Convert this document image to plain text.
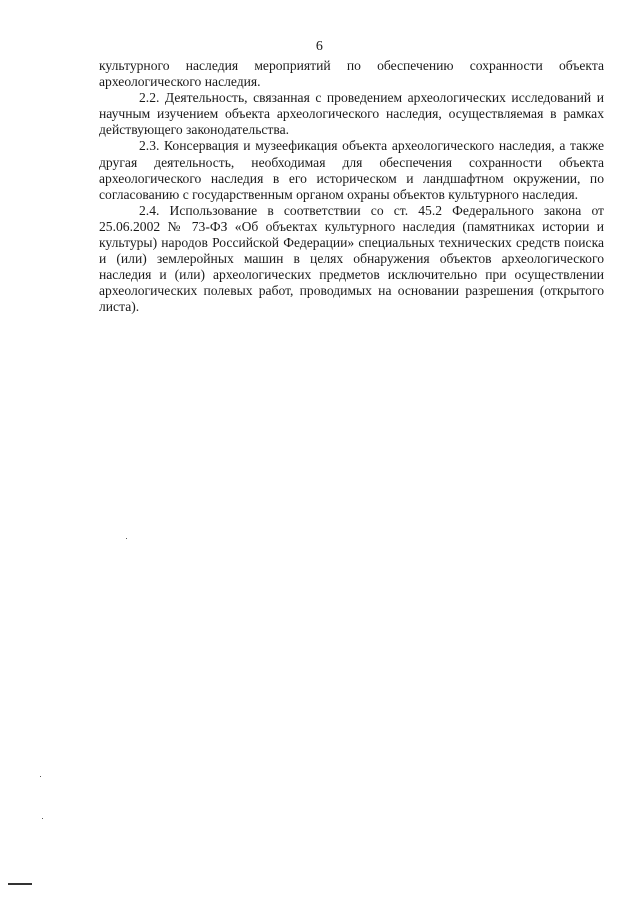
6

культурного наследия мероприятий по обеспечению сохранности объекта археологического наследия.

2.2. Деятельность, связанная с проведением археологических исследований и научным изучением объекта археологического наследия, осуществляемая в рамках действующего законодательства.

2.3. Консервация и музеефикация объекта археологического наследия, а также другая деятельность, необходимая для обеспечения сохранности объекта археологического наследия в его историческом и ландшафтном окружении, по согласованию с государственным органом охраны объектов культурного наследия.

2.4. Использование в соответствии со ст. 45.2 Федерального закона от 25.06.2002 № 73-ФЗ «Об объектах культурного наследия (памятниках истории и культуры) народов Российской Федерации» специальных технических средств поиска и (или) землеройных машин в целях обнаружения объектов археологического наследия и (или) археологических предметов исключительно при осуществлении археологических полевых работ, проводимых на основании разрешения (открытого листа).
